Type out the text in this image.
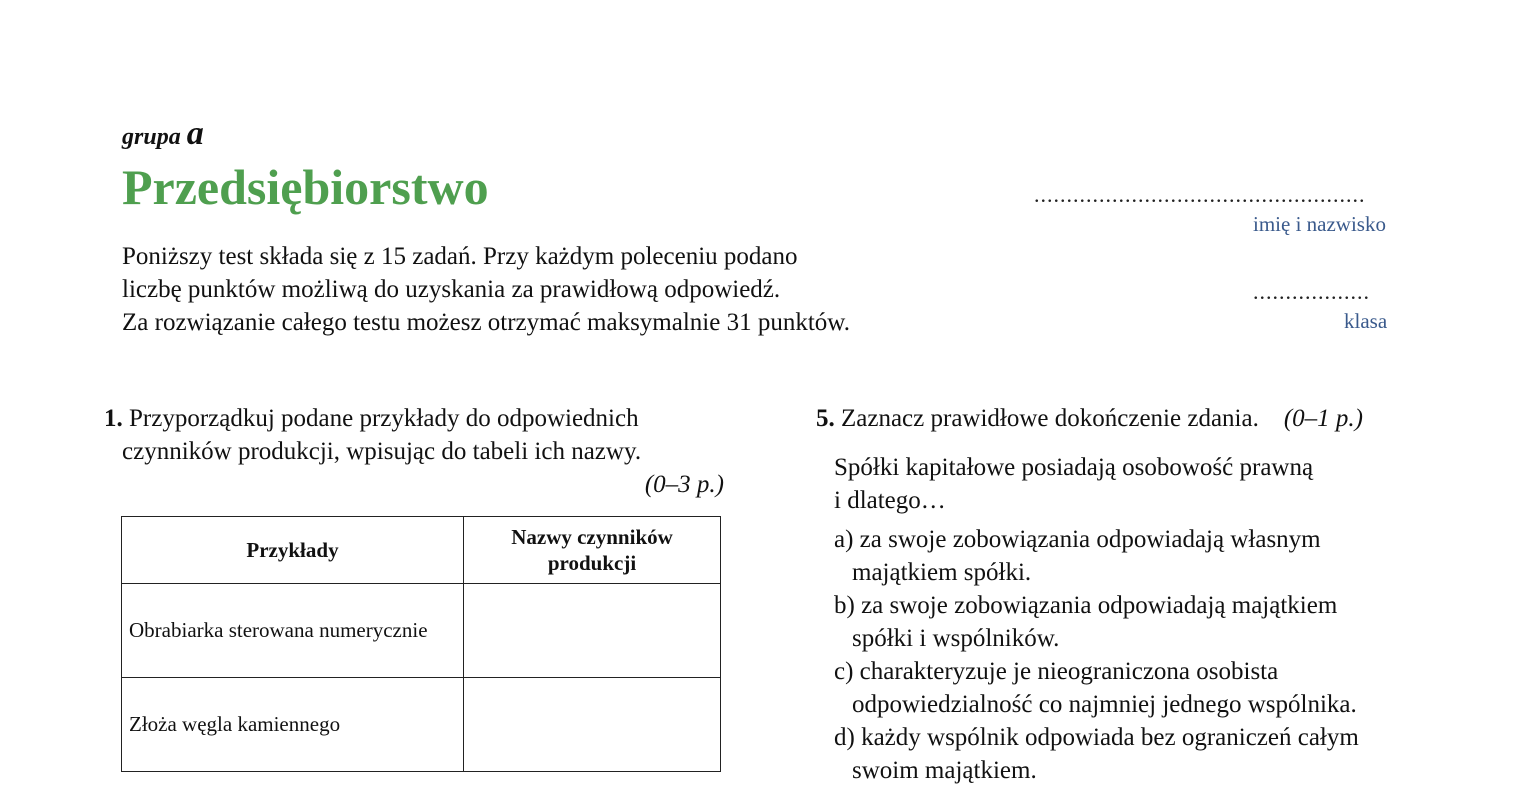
grupa a
Przedsiębiorstwo
Poniższy test składa się z 15 zadań. Przy każdym poleceniu podano
liczbę punktów możliwą do uzyskania za prawidłową odpowiedź.
Za rozwiązanie całego testu możesz otrzymać maksymalnie 31 punktów.
...................................................
imię i nazwisko
..................
klasa
1. Przyporządkuj podane przykłady do odpowiednich
czynników produkcji, wpisując do tabeli ich nazwy.
(0–3 p.)
Przykłady	Nazwy czynników produkcji
Obrabiarka sterowana numerycznie	
Złoża węgla kamiennego	
5. Zaznacz prawidłowe dokończenie zdania. (0–1 p.)
Spółki kapitałowe posiadają osobowość prawną
i dlatego…
a) za swoje zobowiązania odpowiadają własnym
majątkiem spółki.
b) za swoje zobowiązania odpowiadają majątkiem
spółki i wspólników.
c) charakteryzuje je nieograniczona osobista
odpowiedzialność co najmniej jednego wspólnika.
d) każdy wspólnik odpowiada bez ograniczeń całym
swoim majątkiem.
